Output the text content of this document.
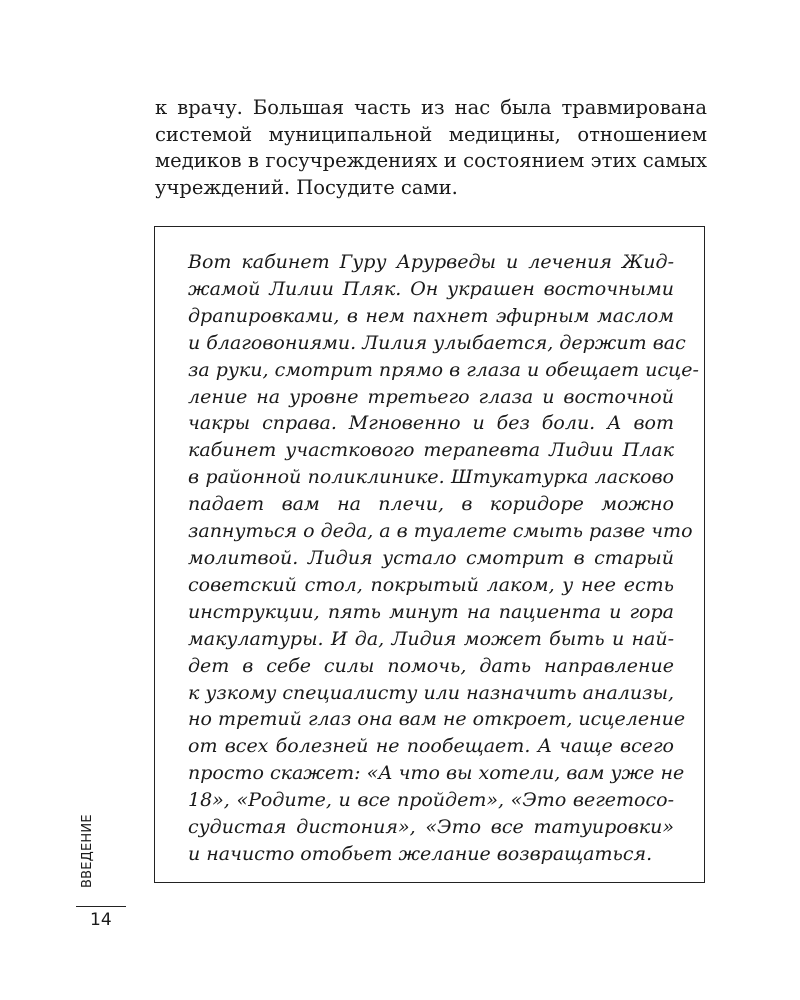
к врачу. Большая часть из нас была травмирована
системой муниципальной медицины, отношением
медиков в госучреждениях и состоянием этих самых
учреждений. Посудите сами.
Вот кабинет Гуру Арурведы и лечения Жид-
жамой Лилии Пляк. Он украшен восточными
драпировками, в нем пахнет эфирным маслом
и благовониями. Лилия улыбается, держит вас
за руки, смотрит прямо в глаза и обещает исце-
ление на уровне третьего глаза и восточной
чакры справа. Мгновенно и без боли. А вот
кабинет участкового терапевта Лидии Плак
в районной поликлинике. Штукатурка ласково
падает вам на плечи, в коридоре можно
запнуться о деда, а в туалете смыть разве что
молитвой. Лидия устало смотрит в старый
советский стол, покрытый лаком, у нее есть
инструкции, пять минут на пациента и гора
макулатуры. И да, Лидия может быть и най-
дет в себе силы помочь, дать направление
к узкому специалисту или назначить анализы,
но третий глаз она вам не откроет, исцеление
от всех болезней не пообещает. А чаще всего
просто скажет: «А что вы хотели, вам уже не
18», «Родите, и все пройдет», «Это вегетосо-
судистая дистония», «Это все татуировки»
и начисто отобьет желание возвращаться.
ВВЕДЕНИЕ
14
